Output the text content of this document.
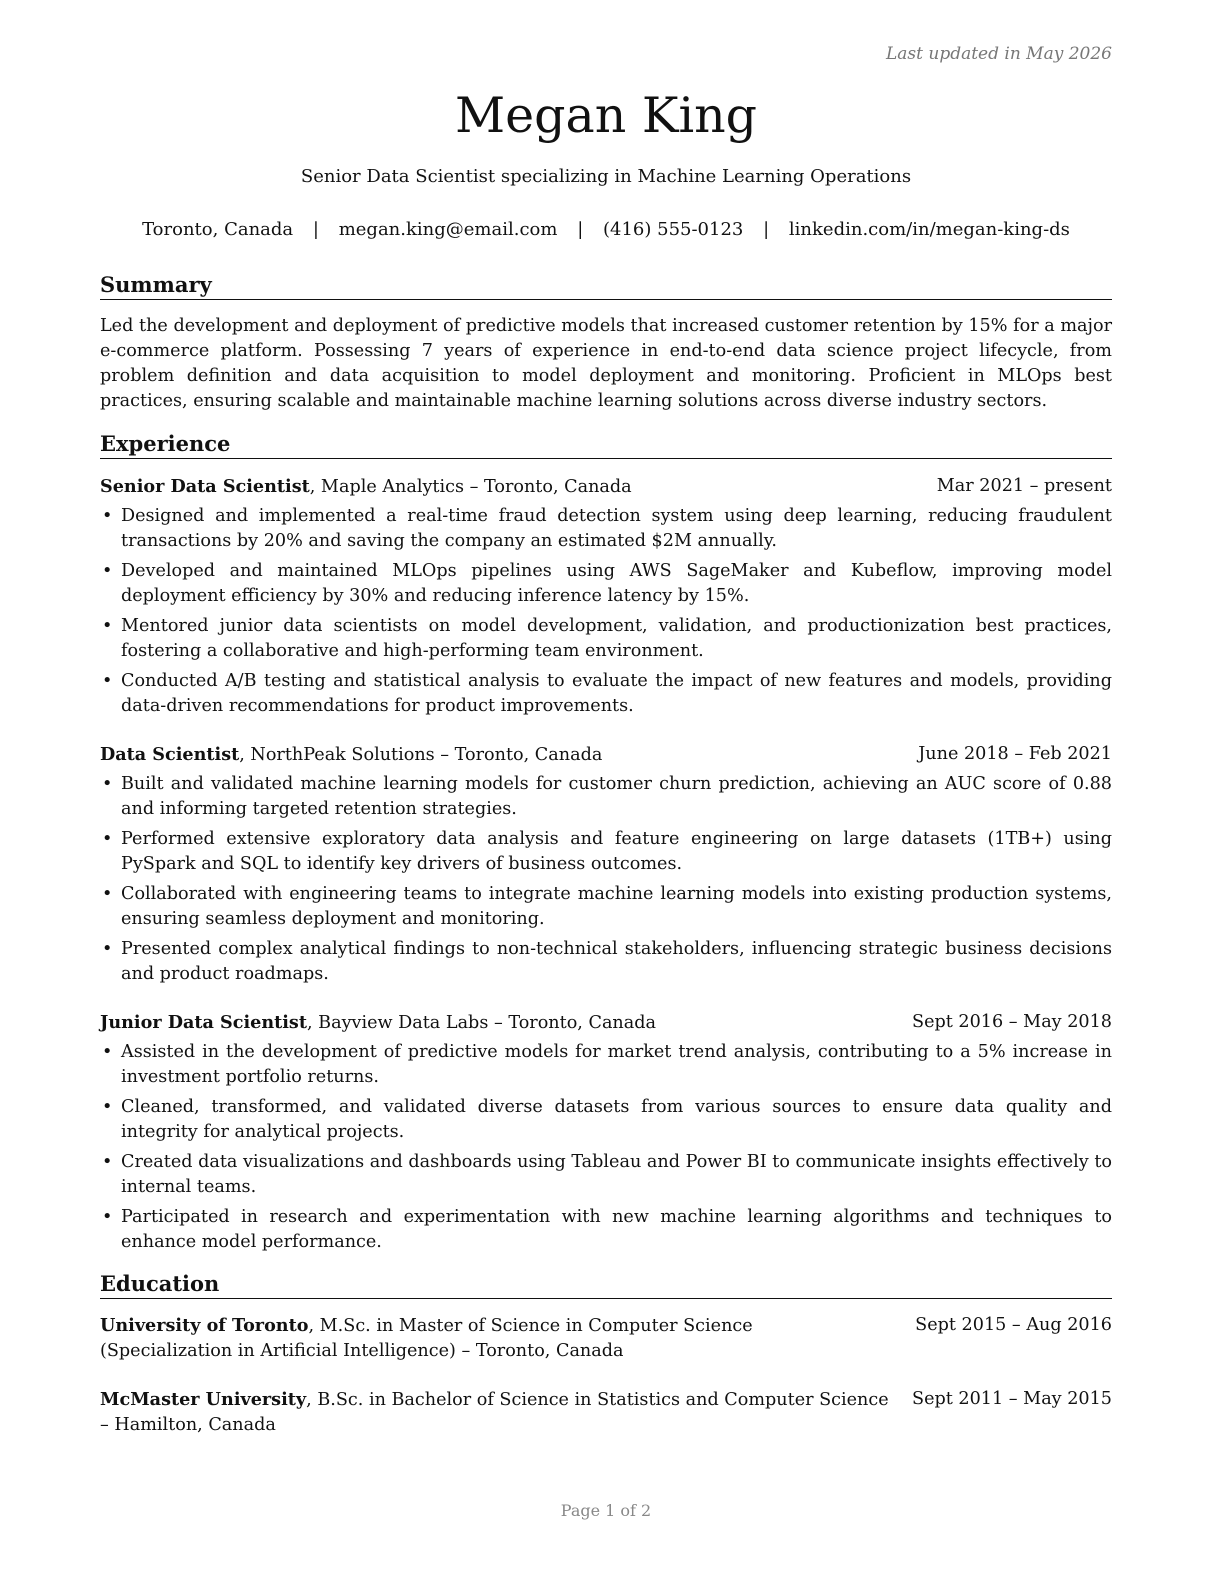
Last updated in May 2026
Megan King
Senior Data Scientist specializing in Machine Learning Operations
Toronto, Canada | megan.king@email.com | (416) 555-0123 | linkedin.com/in/megan-king-ds
Summary
Led the development and deployment of predictive models that increased customer retention by 15% for a major e-commerce platform. Possessing 7 years of experience in end-to-end data science project lifecycle, from problem definition and data acquisition to model deployment and monitoring. Proficient in MLOps best practices, ensuring scalable and maintainable machine learning solutions across diverse industry sectors.
Experience
Senior Data Scientist, Maple Analytics – Toronto, Canada	Mar 2021 – present
• Designed and implemented a real-time fraud detection system using deep learning, reducing fraudulent transactions by 20% and saving the company an estimated $2M annually.
• Developed and maintained MLOps pipelines using AWS SageMaker and Kubeflow, improving model deployment efficiency by 30% and reducing inference latency by 15%.
• Mentored junior data scientists on model development, validation, and productionization best practices, fostering a collaborative and high-performing team environment.
• Conducted A/B testing and statistical analysis to evaluate the impact of new features and models, providing data-driven recommendations for product improvements.
Data Scientist, NorthPeak Solutions – Toronto, Canada	June 2018 – Feb 2021
• Built and validated machine learning models for customer churn prediction, achieving an AUC score of 0.88 and informing targeted retention strategies.
• Performed extensive exploratory data analysis and feature engineering on large datasets (1TB+) using PySpark and SQL to identify key drivers of business outcomes.
• Collaborated with engineering teams to integrate machine learning models into existing production systems, ensuring seamless deployment and monitoring.
• Presented complex analytical findings to non-technical stakeholders, influencing strategic business decisions and product roadmaps.
Junior Data Scientist, Bayview Data Labs – Toronto, Canada	Sept 2016 – May 2018
• Assisted in the development of predictive models for market trend analysis, contributing to a 5% increase in investment portfolio returns.
• Cleaned, transformed, and validated diverse datasets from various sources to ensure data quality and integrity for analytical projects.
• Created data visualizations and dashboards using Tableau and Power BI to communicate insights effectively to internal teams.
• Participated in research and experimentation with new machine learning algorithms and techniques to enhance model performance.
Education
University of Toronto, M.Sc. in Master of Science in Computer Science (Specialization in Artificial Intelligence) – Toronto, Canada
Sept 2015 – Aug 2016
McMaster University, B.Sc. in Bachelor of Science in Statistics and Computer Science – Hamilton, Canada
Sept 2011 – May 2015
Page 1 of 2
